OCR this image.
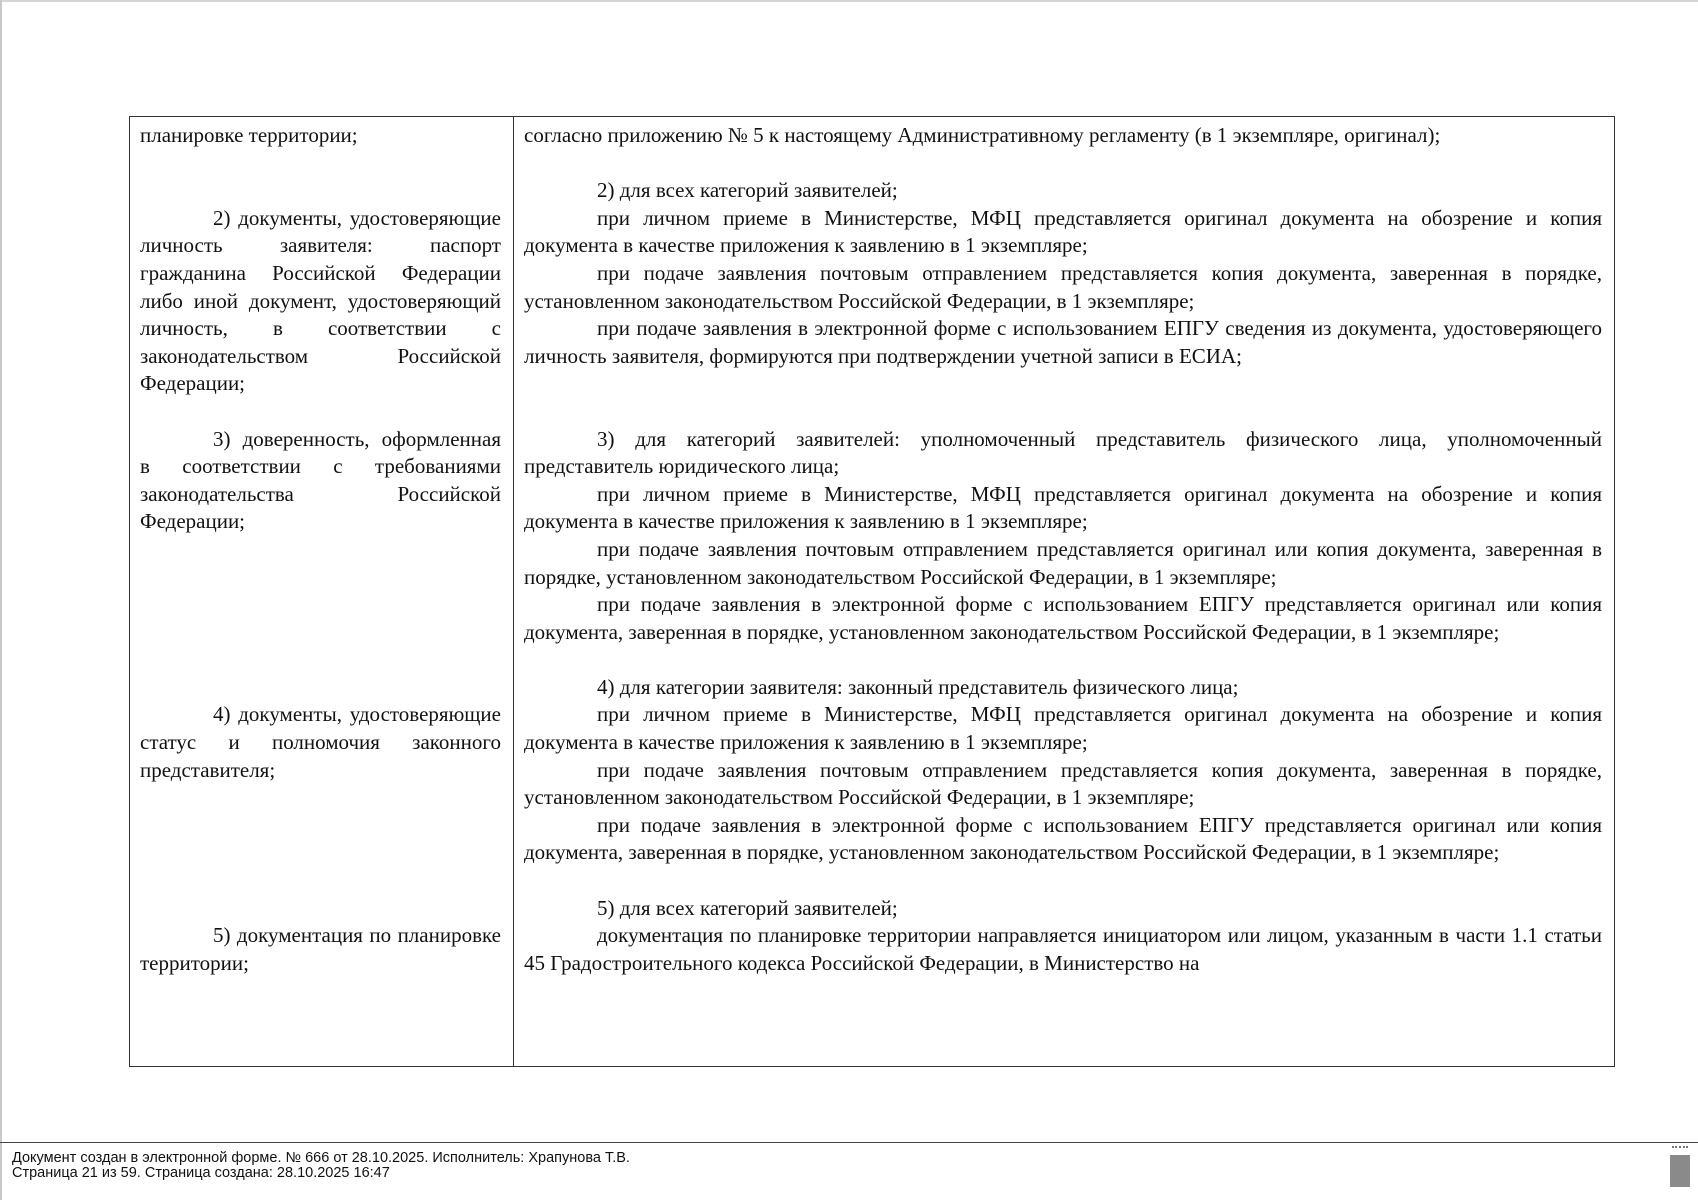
планировке территории;

2) документы, удостоверяющие личность заявителя: паспорт гражданина Российской Федерации либо иной документ, удостоверяющий личность, в соответствии с законодательством Российской Федерации;

3) доверенность, оформленная в соответствии с требованиями законодательства Российской Федерации;

4) документы, удостоверяющие статус и полномочия законного представителя;

5) документация по планировке территории;

согласно приложению № 5 к настоящему Административному регламенту (в 1 экземпляре, оригинал);

2) для всех категорий заявителей;

при личном приеме в Министерстве, МФЦ представляется оригинал документа на обозрение и копия документа в качестве приложения к заявлению в 1 экземпляре;

при подаче заявления почтовым отправлением представляется копия документа, заверенная в порядке, установленном законодательством Российской Федерации, в 1 экземпляре;

при подаче заявления в электронной форме с использованием ЕПГУ сведения из документа, удостоверяющего личность заявителя, формируются при подтверждении учетной записи в ЕСИА;

3) для категорий заявителей: уполномоченный представитель физического лица, уполномоченный представитель юридического лица;

при личном приеме в Министерстве, МФЦ представляется оригинал документа на обозрение и копия документа в качестве приложения к заявлению в 1 экземпляре;

при подаче заявления почтовым отправлением представляется оригинал или копия документа, заверенная в порядке, установленном законодательством Российской Федерации, в 1 экземпляре;

при подаче заявления в электронной форме с использованием ЕПГУ представляется оригинал или копия документа, заверенная в порядке, установленном законодательством Российской Федерации, в 1 экземпляре;

4) для категории заявителя: законный представитель физического лица;

при личном приеме в Министерстве, МФЦ представляется оригинал документа на обозрение и копия документа в качестве приложения к заявлению в 1 экземпляре;

при подаче заявления почтовым отправлением представляется копия документа, заверенная в порядке, установленном законодательством Российской Федерации, в 1 экземпляре;

при подаче заявления в электронной форме с использованием ЕПГУ представляется оригинал или копия документа, заверенная в порядке, установленном законодательством Российской Федерации, в 1 экземпляре;

5) для всех категорий заявителей;

документация по планировке территории направляется инициатором или лицом, указанным в части 1.1 статьи 45 Градостроительного кодекса Российской Федерации, в Министерство на

Документ создан в электронной форме. № 666 от 28.10.2025. Исполнитель: Храпунова Т.В.
Страница 21 из 59. Страница создана: 28.10.2025 16:47
